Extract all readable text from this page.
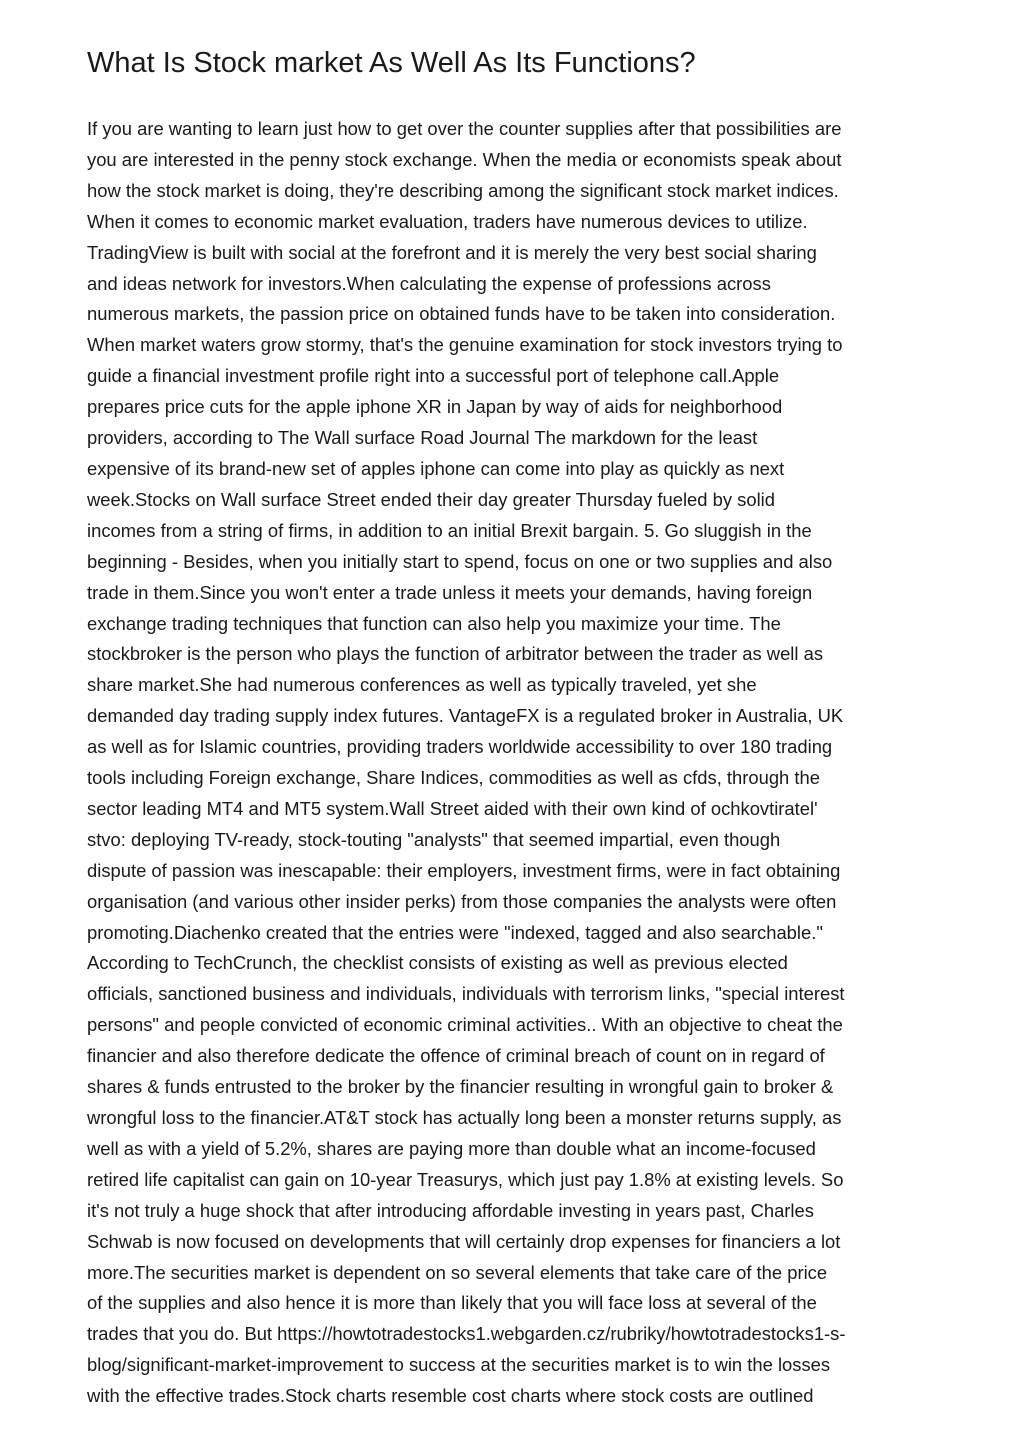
What Is Stock market As Well As Its Functions?
If you are wanting to learn just how to get over the counter supplies after that possibilities are
you are interested in the penny stock exchange. When the media or economists speak about
how the stock market is doing, they're describing among the significant stock market indices.
When it comes to economic market evaluation, traders have numerous devices to utilize.
TradingView is built with social at the forefront and it is merely the very best social sharing
and ideas network for investors.When calculating the expense of professions across
numerous markets, the passion price on obtained funds have to be taken into consideration.
When market waters grow stormy, that's the genuine examination for stock investors trying to
guide a financial investment profile right into a successful port of telephone call.Apple
prepares price cuts for the apple iphone XR in Japan by way of aids for neighborhood
providers, according to The Wall surface Road Journal The markdown for the least
expensive of its brand-new set of apples iphone can come into play as quickly as next
week.Stocks on Wall surface Street ended their day greater Thursday fueled by solid
incomes from a string of firms, in addition to an initial Brexit bargain. 5. Go sluggish in the
beginning - Besides, when you initially start to spend, focus on one or two supplies and also
trade in them.Since you won't enter a trade unless it meets your demands, having foreign
exchange trading techniques that function can also help you maximize your time. The
stockbroker is the person who plays the function of arbitrator between the trader as well as
share market.She had numerous conferences as well as typically traveled, yet she
demanded day trading supply index futures. VantageFX is a regulated broker in Australia, UK
as well as for Islamic countries, providing traders worldwide accessibility to over 180 trading
tools including Foreign exchange, Share Indices, commodities as well as cfds, through the
sector leading MT4 and MT5 system.Wall Street aided with their own kind of ochkovtiratel'
stvo: deploying TV-ready, stock-touting "analysts" that seemed impartial, even though
dispute of passion was inescapable: their employers, investment firms, were in fact obtaining
organisation (and various other insider perks) from those companies the analysts were often
promoting.Diachenko created that the entries were "indexed, tagged and also searchable."
According to TechCrunch, the checklist consists of existing as well as previous elected
officials, sanctioned business and individuals, individuals with terrorism links, "special interest
persons" and people convicted of economic criminal activities.. With an objective to cheat the
financier and also therefore dedicate the offence of criminal breach of count on in regard of
shares & funds entrusted to the broker by the financier resulting in wrongful gain to broker &
wrongful loss to the financier.AT&T stock has actually long been a monster returns supply, as
well as with a yield of 5.2%, shares are paying more than double what an income-focused
retired life capitalist can gain on 10-year Treasurys, which just pay 1.8% at existing levels. So
it's not truly a huge shock that after introducing affordable investing in years past, Charles
Schwab is now focused on developments that will certainly drop expenses for financiers a lot
more.The securities market is dependent on so several elements that take care of the price
of the supplies and also hence it is more than likely that you will face loss at several of the
trades that you do. But https://howtotradestocks1.webgarden.cz/rubriky/howtotradestocks1-s-
blog/significant-market-improvement to success at the securities market is to win the losses
with the effective trades.Stock charts resemble cost charts where stock costs are outlined
